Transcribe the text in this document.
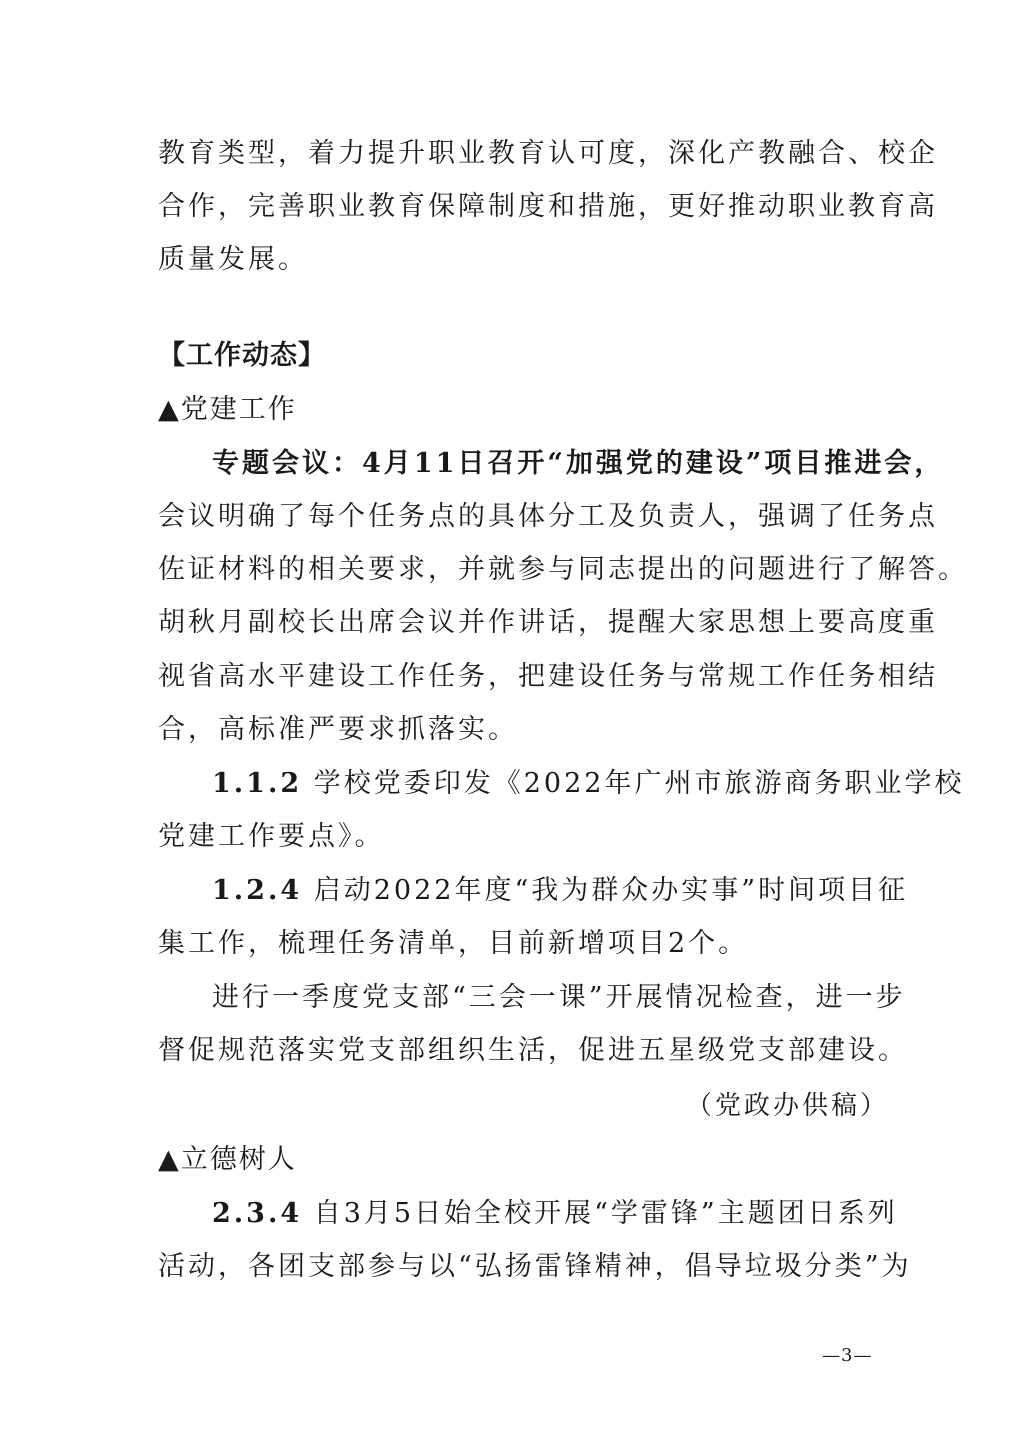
教育类型，着力提升职业教育认可度，深化产教融合、校企
合作，完善职业教育保障制度和措施，更好推动职业教育高
质量发展。
【工作动态】
▲党建工作
专题会议：4月11日召开“加强党的建设”项目推进会，
会议明确了每个任务点的具体分工及负责人，强调了任务点
佐证材料的相关要求，并就参与同志提出的问题进行了解答。
胡秋月副校长出席会议并作讲话，提醒大家思想上要高度重
视省高水平建设工作任务，把建设任务与常规工作任务相结
合，高标准严要求抓落实。
1.1.2 学校党委印发《2022年广州市旅游商务职业学校
党建工作要点》。
1.2.4 启动2022年度“我为群众办实事”时间项目征
集工作，梳理任务清单，目前新增项目2个。
进行一季度党支部“三会一课”开展情况检查，进一步
督促规范落实党支部组织生活，促进五星级党支部建设。
（党政办供稿）
▲立德树人
2.3.4 自3月5日始全校开展“学雷锋”主题团日系列
活动，各团支部参与以“弘扬雷锋精神，倡导垃圾分类”为
—3—
